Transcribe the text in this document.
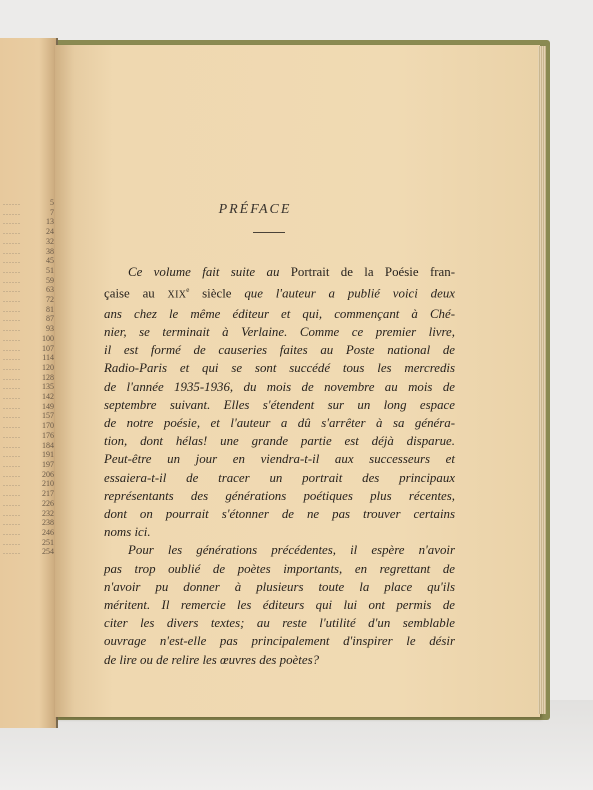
......	5
......	7
......	13
......	24
......	32
......	38
......	45
......	51
......	59
......	63
......	72
......	81
......	87
......	93
......	100
......	107
......	114
......	120
......	128
......	135
......	142
......	149
......	157
......	170
......	176
......	184
......	191
......	197
......	206
......	210
......	217
......	226
......	232
......	238
......	246
......	251
......	254
PRÉFACE
Ce volume fait suite au Portrait de la Poésie fran-
çaise au XIXe siècle que l'auteur a publié voici deux
ans chez le même éditeur et qui, commençant à Ché-
nier, se terminait à Verlaine. Comme ce premier livre,
il est formé de causeries faites au Poste national de
Radio-Paris et qui se sont succédé tous les mercredis
de l'année 1935-1936, du mois de novembre au mois de
septembre suivant. Elles s'étendent sur un long espace
de notre poésie, et l'auteur a dû s'arrêter à sa généra-
tion, dont hélas! une grande partie est déjà disparue.
Peut-être un jour en viendra-t-il aux successeurs et
essaiera-t-il de tracer un portrait des principaux
représentants des générations poétiques plus récentes,
dont on pourrait s'étonner de ne pas trouver certains
noms ici.
Pour les générations précédentes, il espère n'avoir
pas trop oublié de poètes importants, en regrettant de
n'avoir pu donner à plusieurs toute la place qu'ils
méritent. Il remercie les éditeurs qui lui ont permis de
citer les divers textes; au reste l'utilité d'un semblable
ouvrage n'est-elle pas principalement d'inspirer le désir
de lire ou de relire les œuvres des poètes?
